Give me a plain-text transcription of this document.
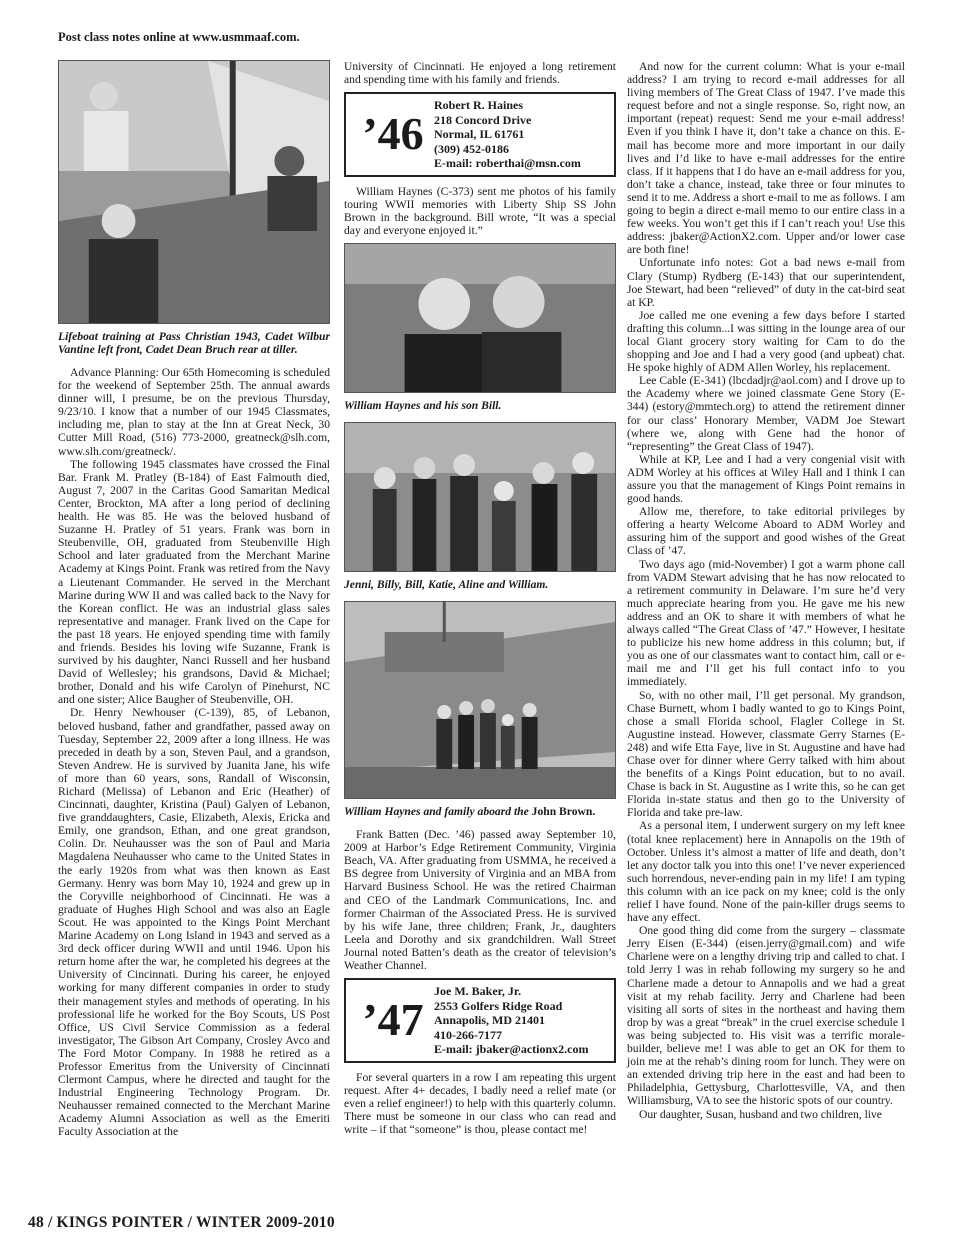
Post class notes online at www.usmmaaf.com.
Lifeboat training at Pass Christian 1943, Cadet Wilbur Vantine left front, Cadet Dean Bruch rear at tiller.

Advance Planning: Our 65th Homecoming is scheduled for the weekend of September 25th. The annual awards dinner will, I presume, be on the previous Thursday, 9/23/10. I know that a number of our 1945 Classmates, including me, plan to stay at the Inn at Great Neck, 30 Cutter Mill Road, (516) 773-2000, greatneck@slh.com, www.slh.com/greatneck/.

The following 1945 classmates have crossed the Final Bar. Frank M. Pratley (B-184) of East Falmouth died, August 7, 2007 in the Caritas Good Samaritan Medical Center, Brockton, MA after a long period of declining health. He was 85. He was the beloved husband of Suzanne H. Pratley of 51 years. Frank was born in Steubenville, OH, graduated from Steubenville High School and later graduated from the Merchant Marine Academy at Kings Point. Frank was retired from the Navy a Lieutenant Commander. He served in the Merchant Marine during WW II and was called back to the Navy for the Korean conflict. He was an industrial glass sales representative and manager. Frank lived on the Cape for the past 18 years. He enjoyed spending time with family and friends. Besides his loving wife Suzanne, Frank is survived by his daughter, Nanci Russell and her husband David of Wellesley; his grandsons, David & Michael; brother, Donald and his wife Carolyn of Pinehurst, NC and one sister; Alice Baugher of Steubenville, OH.

Dr. Henry Newhouser (C-139), 85, of Lebanon, beloved husband, father and grandfather, passed away on Tuesday, September 22, 2009 after a long illness. He was preceded in death by a son, Steven Paul, and a grandson, Steven Andrew. He is survived by Juanita Jane, his wife of more than 60 years, sons, Randall of Wisconsin, Richard (Melissa) of Lebanon and Eric (Heather) of Cincinnati, daughter, Kristina (Paul) Galyen of Lebanon, five granddaughters, Casie, Elizabeth, Alexis, Ericka and Emily, one grandson, Ethan, and one great grandson, Colin. Dr. Neuhausser was the son of Paul and Maria Magdalena Neuhausser who came to the United States in the early 1920s from what was then known as East Germany. Henry was born May 10, 1924 and grew up in the Coryville neighborhood of Cincinnati. He was a graduate of Hughes High School and was also an Eagle Scout. He was appointed to the Kings Point Merchant Marine Academy on Long Island in 1943 and served as a 3rd deck officer during WWII and until 1946. Upon his return home after the war, he completed his degrees at the University of Cincinnati. During his career, he enjoyed working for many different companies in order to study their management styles and methods of operating. In his professional life he worked for the Boy Scouts, US Post Office, US Civil Service Commission as a federal investigator, The Gibson Art Company, Crosley Avco and The Ford Motor Company. In 1988 he retired as a Professor Emeritus from the University of Cincinnati Clermont Campus, where he directed and taught for the Industrial Engineering Technology Program. Dr. Neuhausser remained connected to the Merchant Marine Academy Alumni Association as well as the Emeriti Faculty Association at the

University of Cincinnati. He enjoyed a long retirement and spending time with his family and friends.

’46
Robert R. Haines
218 Concord Drive
Normal, IL 61761
(309) 452-0186
E-mail: roberthai@msn.com

William Haynes (C-373) sent me photos of his family touring WWII memories with Liberty Ship SS John Brown in the background. Bill wrote, “It was a special day and everyone enjoyed it.”

William Haynes and his son Bill.
Jenni, Billy, Bill, Katie, Aline and William.
William Haynes and family aboard the John Brown.

Frank Batten (Dec. ’46) passed away September 10, 2009 at Harbor’s Edge Retirement Community, Virginia Beach, VA. After graduating from USMMA, he received a BS degree from University of Virginia and an MBA from Harvard Business School. He was the retired Chairman and CEO of the Landmark Communications, Inc. and former Chairman of the Associated Press. He is survived by his wife Jane, three children; Frank, Jr., daughters Leela and Dorothy and six grandchildren. Wall Street Journal noted Batten’s death as the creator of television’s Weather Channel.

’47
Joe M. Baker, Jr.
2553 Golfers Ridge Road
Annapolis, MD 21401
410-266-7177
E-mail: jbaker@actionx2.com

For several quarters in a row I am repeating this urgent request. After 4+ decades, I badly need a relief mate (or even a relief engineer!) to help with this quarterly column. There must be someone in our class who can read and write – if that “someone” is thou, please contact me!

And now for the current column: What is your e-mail address? I am trying to record e-mail addresses for all living members of The Great Class of 1947. I’ve made this request before and not a single response. So, right now, an important (repeat) request: Send me your e-mail address! Even if you think I have it, don’t take a chance on this. E-mail has become more and more important in our daily lives and I’d like to have e-mail addresses for the entire class. If it happens that I do have an e-mail address for you, don’t take a chance, instead, take three or four minutes to send it to me. Address a short e-mail to me as follows. I am going to begin a direct e-mail memo to our entire class in a few weeks. You won’t get this if I can’t reach you! Use this address: jbaker@ActionX2.com. Upper and/or lower case are both fine!

Unfortunate info notes: Got a bad news e-mail from Clary (Stump) Rydberg (E-143) that our superintendent, Joe Stewart, had been “relieved” of duty in the cat-bird seat at KP.

Joe called me one evening a few days before I started drafting this column...I was sitting in the lounge area of our local Giant grocery story waiting for Cam to do the shopping and Joe and I had a very good (and upbeat) chat. He spoke highly of ADM Allen Worley, his replacement.

Lee Cable (E-341) (lbcdadjr@aol.com) and I drove up to the Academy where we joined classmate Gene Story (E-344) (estory@mmtech.org) to attend the retirement dinner for our class’ Honorary Member, VADM Joe Stewart (where we, along with Gene had the honor of “representing” the Great Class of 1947).

While at KP, Lee and I had a very congenial visit with ADM Worley at his offices at Wiley Hall and I think I can assure you that the management of Kings Point remains in good hands.

Allow me, therefore, to take editorial privileges by offering a hearty Welcome Aboard to ADM Worley and assuring him of the support and good wishes of the Great Class of ’47.

Two days ago (mid-November) I got a warm phone call from VADM Stewart advising that he has now relocated to a retirement community in Delaware. I’m sure he’d very much appreciate hearing from you. He gave me his new address and an OK to share it with members of what he always called “The Great Class of ’47.” However, I hesitate to publicize his new home address in this column; but, if you as one of our classmates want to contact him, call or e-mail me and I’ll get his full contact info to you immediately.

So, with no other mail, I’ll get personal. My grandson, Chase Burnett, whom I badly wanted to go to Kings Point, chose a small Florida school, Flagler College in St. Augustine instead. However, classmate Gerry Starnes (E-248) and wife Etta Faye, live in St. Augustine and have had Chase over for dinner where Gerry talked with him about the benefits of a Kings Point education, but to no avail. Chase is back in St. Augustine as I write this, so he can get Florida in-state status and then go to the University of Florida and take pre-law.

As a personal item, I underwent surgery on my left knee (total knee replacement) here in Annapolis on the 19th of October. Unless it’s almost a matter of life and death, don’t let any doctor talk you into this one! I’ve never experienced such horrendous, never-ending pain in my life! I am typing this column with an ice pack on my knee; cold is the only relief I have found. None of the pain-killer drugs seems to have any effect.

One good thing did come from the surgery – classmate Jerry Eisen (E-344) (eisen.jerry@gmail.com) and wife Charlene were on a lengthy driving trip and called to chat. I told Jerry I was in rehab following my surgery so he and Charlene made a detour to Annapolis and we had a great visit at my rehab facility. Jerry and Charlene had been visiting all sorts of sites in the northeast and having them drop by was a great “break” in the cruel exercise schedule I was being subjected to. His visit was a terrific morale-builder, believe me! I was able to get an OK for them to join me at the rehab’s dining room for lunch. They were on an extended driving trip here in the east and had been to Philadelphia, Gettysburg, Charlottesville, VA, and then Williamsburg, VA to see the historic spots of our country.

Our daughter, Susan, husband and two children, live

48 / KINGS POINTER / WINTER 2009-2010
